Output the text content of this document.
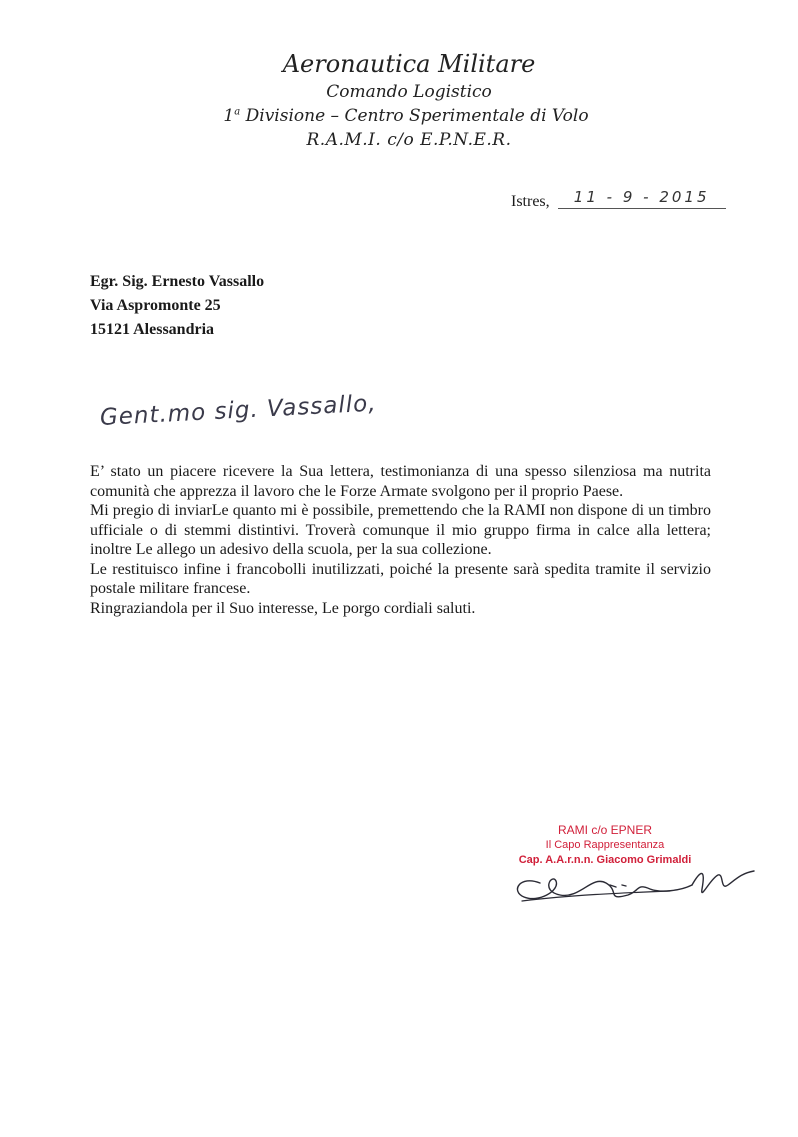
Aeronautica Militare
Comando Logistico
1$^a$ Divisione – Centro Sperimentale di Volo
R.A.M.I. c/o E.P.N.E.R.
Istres, 11 - 9 - 2015
Egr. Sig. Ernesto Vassallo
Via Aspromonte 25
15121 Alessandria
Gent.mo sig. Vassallo,

E’ stato un piacere ricevere la Sua lettera, testimonianza di una spesso silenziosa ma nutrita comunità che apprezza il lavoro che le Forze Armate svolgono per il proprio Paese.

Mi pregio di inviarLe quanto mi è possibile, premettendo che la RAMI non dispone di un timbro ufficiale o di stemmi distintivi. Troverà comunque il mio gruppo firma in calce alla lettera; inoltre Le allego un adesivo della scuola, per la sua collezione.

Le restituisco infine i francobolli inutilizzati, poiché la presente sarà spedita tramite il servizio postale militare francese.

Ringraziandola per il Suo interesse, Le porgo cordiali saluti.

RAMI c/o EPNER
Il Capo Rappresentanza
Cap. A.A.r.n.n. Giacomo Grimaldi
